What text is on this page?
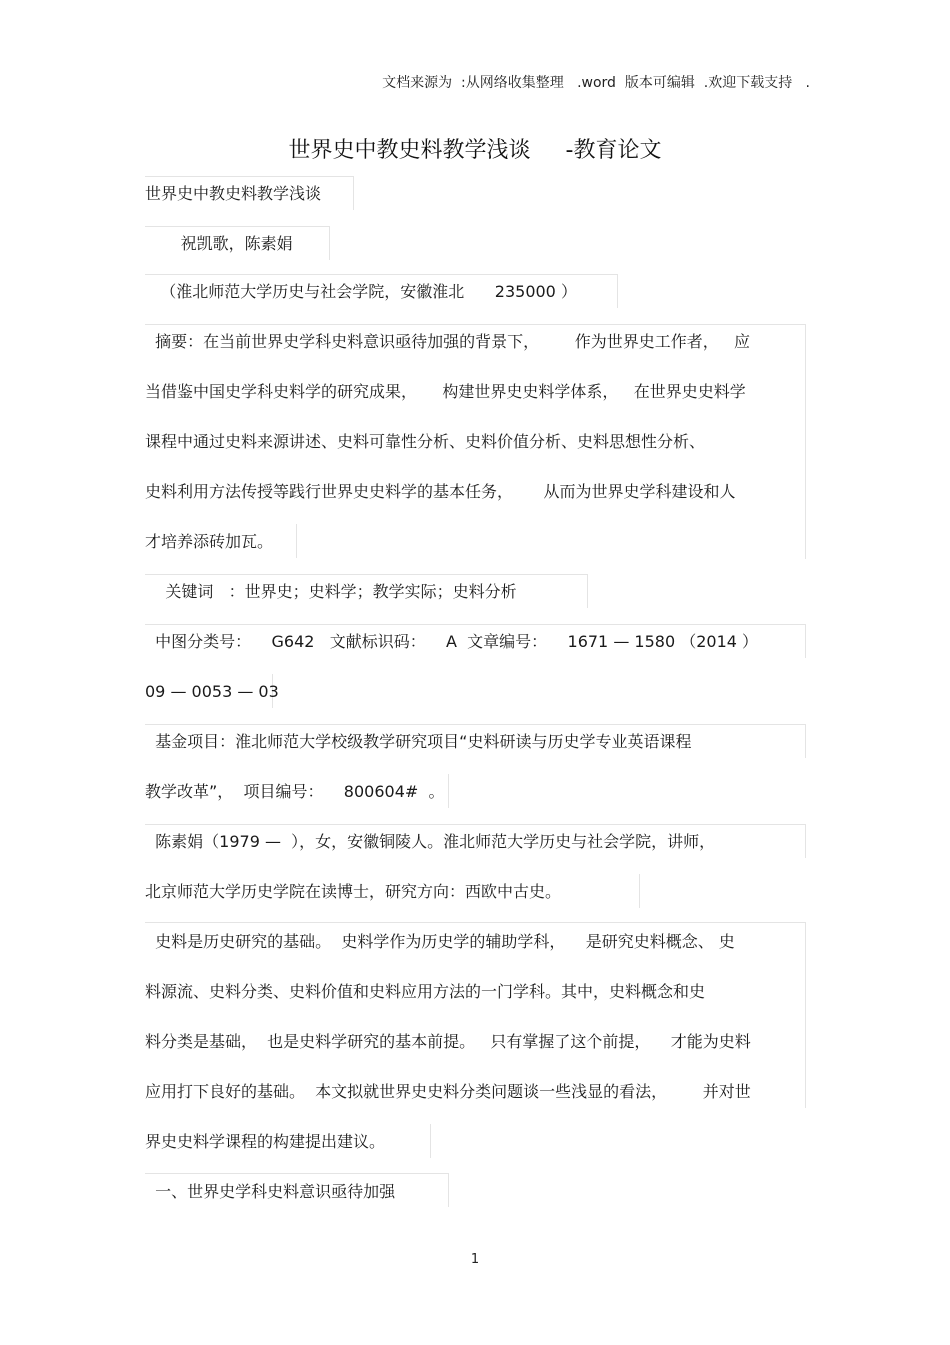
文档来源为  :从网络收集整理   .word  版本可编辑  .欢迎下载支持   .
世界史中教史料教学浅谈     -教育论文
世界史中教史料教学浅谈
祝凯歌，陈素娟
（淮北师范大学历史与社会学院，安徽淮北      235000 ）
摘要：在当前世界史学科史料意识亟待加强的背景下，       作为世界史工作者，   应
当借鉴中国史学科史料学的研究成果，     构建世界史史料学体系，   在世界史史料学
课程中通过史料来源讲述、史料可靠性分析、史料价值分析、史料思想性分析、
史料利用方法传授等践行世界史史料学的基本任务，      从而为世界史学科建设和人
才培养添砖加瓦。
关键词   ：世界史；史料学；教学实际；史料分析
中图分类号：    G642   文献标识码：    A  文章编号：    1671 — 1580 （2014 ）
09 — 0053 — 03
基金项目：淮北师范大学校级教学研究项目“史料研读与历史学专业英语课程
教学改革”，  项目编号：    800604#  。
陈素娟（1979 —  ），女，安徽铜陵人。淮北师范大学历史与社会学院，讲师，
北京师范大学历史学院在读博士，研究方向：西欧中古史。
史料是历史研究的基础。  史料学作为历史学的辅助学科，    是研究史料概念、 史
料源流、史料分类、史料价值和史料应用方法的一门学科。其中，史料概念和史
料分类是基础，  也是史料学研究的基本前提。   只有掌握了这个前提，    才能为史料
应用打下良好的基础。  本文拟就世界史史料分类问题谈一些浅显的看法，       并对世
界史史料学课程的构建提出建议。
一、世界史学科史料意识亟待加强
1
